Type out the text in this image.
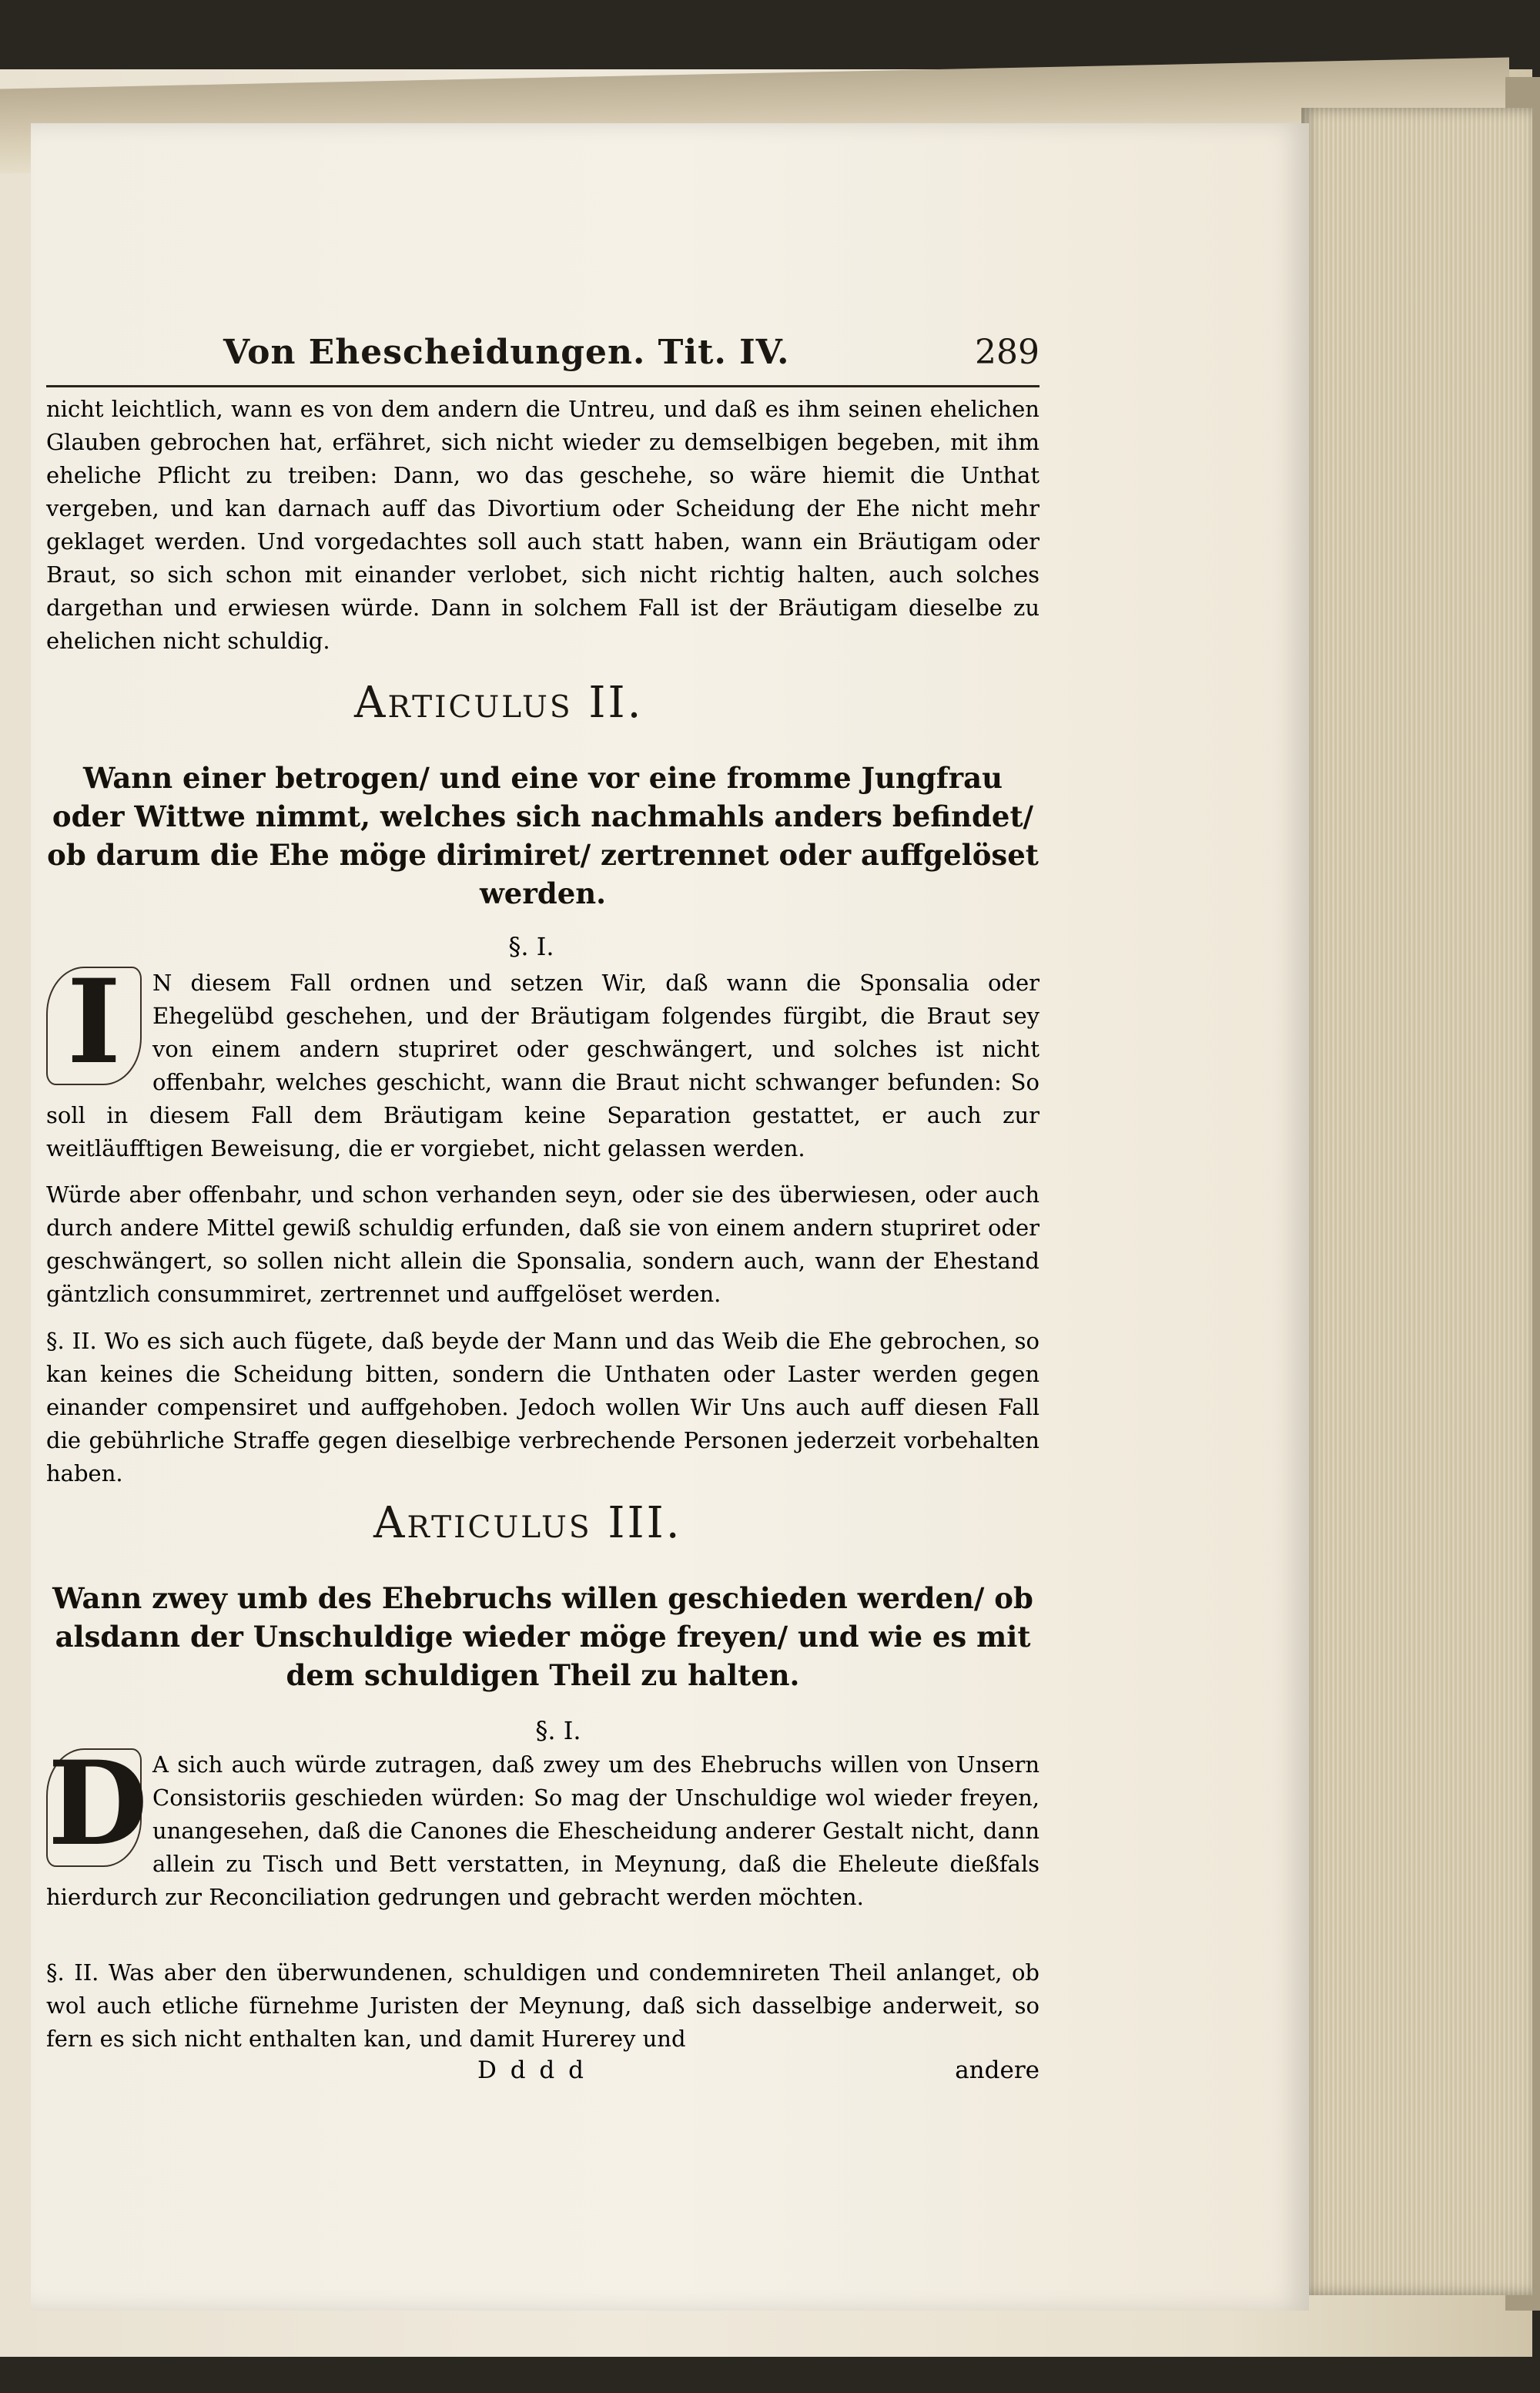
Von Ehescheidungen. Tit. IV.	289

nicht leichtlich, wann es von dem andern die Untreu, und daß es ihm seinen ehelichen Glauben gebrochen hat, erfähret, sich nicht wieder zu demselbigen begeben, mit ihm eheliche Pflicht zu treiben: Dann, wo das geschehe, so wäre hiemit die Unthat vergeben, und kan darnach auff das Divortium oder Scheidung der Ehe nicht mehr geklaget werden. Und vorgedachtes soll auch statt haben, wann ein Bräutigam oder Braut, so sich schon mit einander verlobet, sich nicht richtig halten, auch solches dargethan und erwiesen würde. Dann in solchem Fall ist der Bräutigam dieselbe zu ehelichen nicht schuldig.

Articulus II.
Wann einer betrogen/ und eine vor eine fromme Jungfrau oder Wittwe nimmt, welches sich nachmahls anders befindet/ ob darum die Ehe möge dirimiret/ zertrennet oder auffgelöset werden.
§. I.
I	N diesem Fall ordnen und setzen Wir, daß wann die Sponsalia oder Ehegelübd geschehen, und der Bräutigam folgendes fürgibt, die Braut sey von einem andern stupriret oder geschwängert, und solches ist nicht offenbahr, welches geschicht, wann die Braut nicht schwanger befunden: So soll in diesem Fall dem Bräutigam keine Separation gestattet, er auch zur weitläufftigen Beweisung, die er vorgiebet, nicht gelassen werden.

Würde aber offenbahr, und schon verhanden seyn, oder sie des überwiesen, oder auch durch andere Mittel gewiß schuldig erfunden, daß sie von einem andern stupriret oder geschwängert, so sollen nicht allein die Sponsalia, sondern auch, wann der Ehestand gäntzlich consummiret, zertrennet und auffgelöset werden.

§. II. Wo es sich auch fügete, daß beyde der Mann und das Weib die Ehe gebrochen, so kan keines die Scheidung bitten, sondern die Unthaten oder Laster werden gegen einander compensiret und auffgehoben. Jedoch wollen Wir Uns auch auff diesen Fall die gebührliche Straffe gegen dieselbige verbrechende Personen jederzeit vorbehalten haben.

Articulus III.
Wann zwey umb des Ehebruchs willen geschieden werden/ ob alsdann der Unschuldige wieder möge freyen/ und wie es mit dem schuldigen Theil zu halten.
§. I.
D A sich auch würde zutragen, daß zwey um des Ehebruchs willen von Unsern Consistoriis geschieden würden: So mag der Unschuldige wol wieder freyen, unangesehen, daß die Canones die Ehescheidung anderer Gestalt nicht, dann allein zu Tisch und Bett verstatten, in Meynung, daß die Eheleute dießfals hierdurch zur Reconciliation gedrungen und gebracht werden möchten.

§. II. Was aber den überwundenen, schuldigen und condemnireten Theil anlanget, ob wol auch etliche fürnehme Juristen der Meynung, daß sich dasselbige anderweit, so fern es sich nicht enthalten kan, und damit Hurerey und

D d d d	andere
